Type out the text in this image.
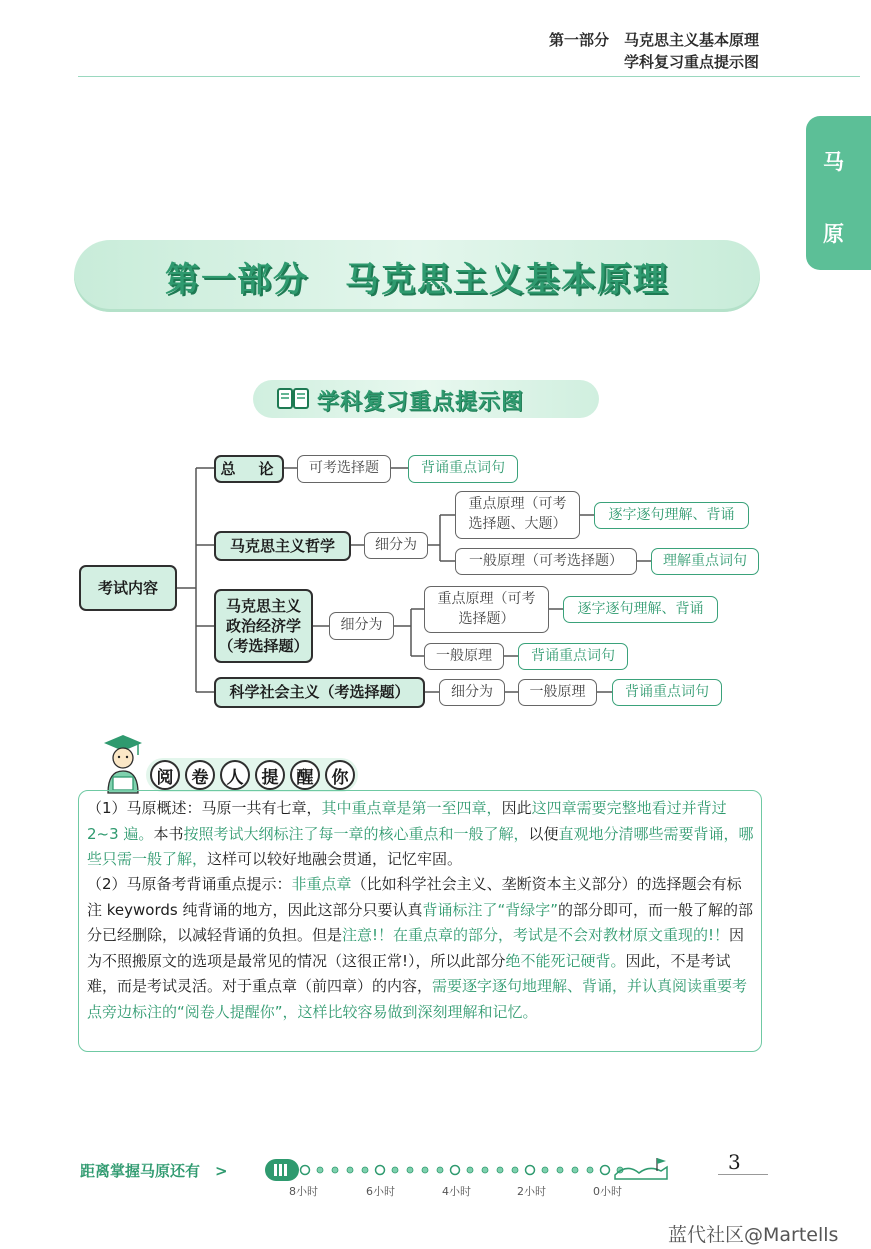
第一部分　马克思主义基本原理
学科复习重点提示图
马
原
第一部分　马克思主义基本原理
学科复习重点提示图
考试内容
总　论	可考选择题	背诵重点词句
马克思主义哲学	细分为
重点原理（可考
选择题、大题）
逐字逐句理解、背诵
一般原理（可考选择题）	理解重点词句
马克思主义
政治经济学
（考选择题）
细分为
重点原理（可考
选择题）
逐字逐句理解、背诵
一般原理	背诵重点词句
科学社会主义（考选择题）	细分为	一般原理	背诵重点词句
阅	卷	人	提	醒	你

（1）马原概述：马原一共有七章，其中重点章是第一至四章，因此这四章需要完整地看过并背过 2~3 遍。本书按照考试大纲标注了每一章的核心重点和一般了解，以便直观地分清哪些需要背诵，哪些只需一般了解，这样可以较好地融会贯通，记忆牢固。

（2）马原备考背诵重点提示：非重点章（比如科学社会主义、垄断资本主义部分）的选择题会有标注 keywords 纯背诵的地方，因此这部分只要认真背诵标注了“背绿字”的部分即可，而一般了解的部分已经删除，以减轻背诵的负担。但是注意!！在重点章的部分，考试是不会对教材原文重现的!！因为不照搬原文的选项是最常见的情况（这很正常!），所以此部分绝不能死记硬背。因此，不是考试难，而是考试灵活。对于重点章（前四章）的内容，需要逐字逐句地理解、背诵，并认真阅读重要考点旁边标注的“阅卷人提醒你”，这样比较容易做到深刻理解和记忆。

距离掌握马原还有　>
8小时	6小时	4小时	2小时	0小时
3
蓝代社区@Martells
